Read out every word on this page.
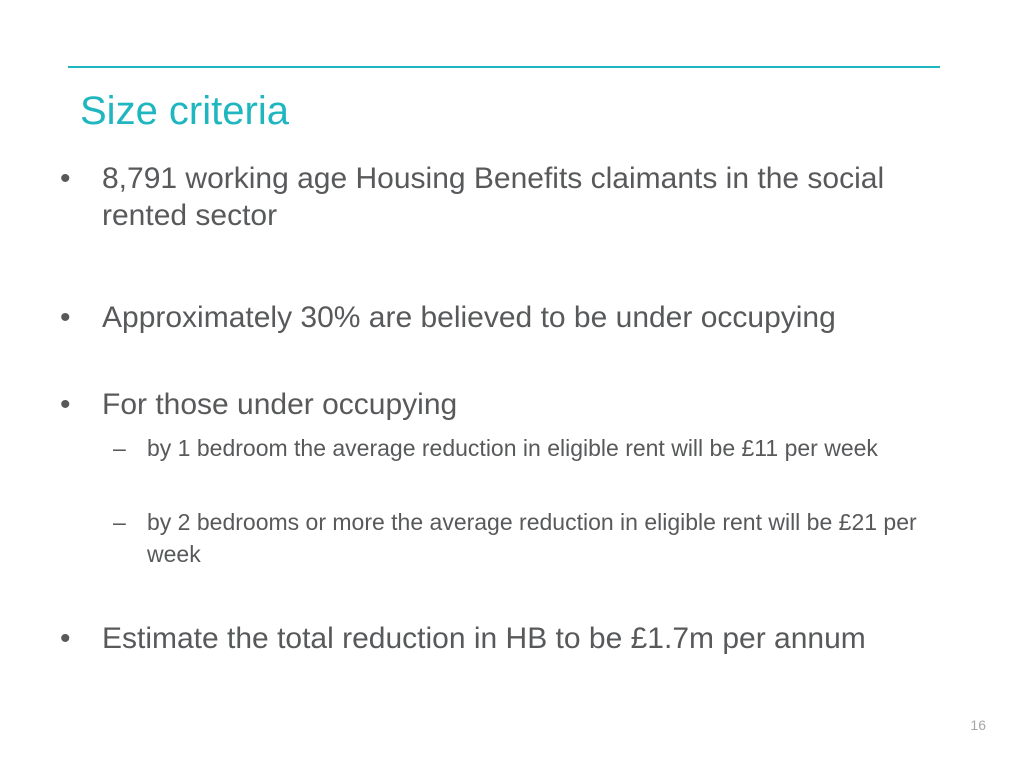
Size criteria
•	8,791 working age Housing Benefits claimants in the social rented sector
•	Approximately 30% are believed to be under occupying
•	For those under occupying
– by 1 bedroom the average reduction in eligible rent will be £11 per week
– by 2 bedrooms or more the average reduction in eligible rent will be £21 per week
•	Estimate the total reduction in HB to be £1.7m per annum
16
